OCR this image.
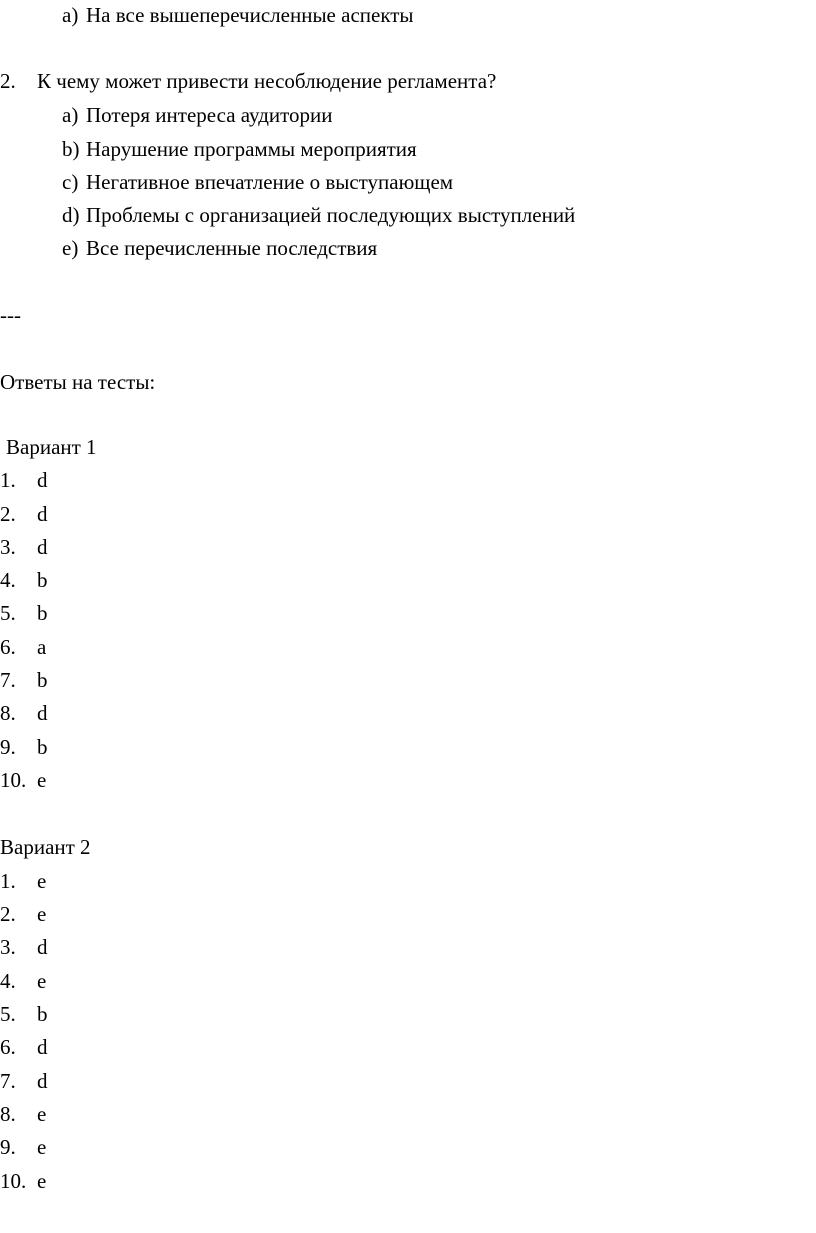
a) На все вышеперечисленные аспекты
2. К чему может привести несоблюдение регламента?
a) Потеря интереса аудитории
b) Нарушение программы мероприятия
c) Негативное впечатление о выступающем
d) Проблемы с организацией последующих выступлений
e) Все перечисленные последствия
---
Ответы на тесты:
Вариант 1
1. d
2. d
3. d
4. b
5. b
6. a
7. b
8. d
9. b
10. e
Вариант 2
1. e
2. e
3. d
4. e
5. b
6. d
7. d
8. e
9. e
10. e
